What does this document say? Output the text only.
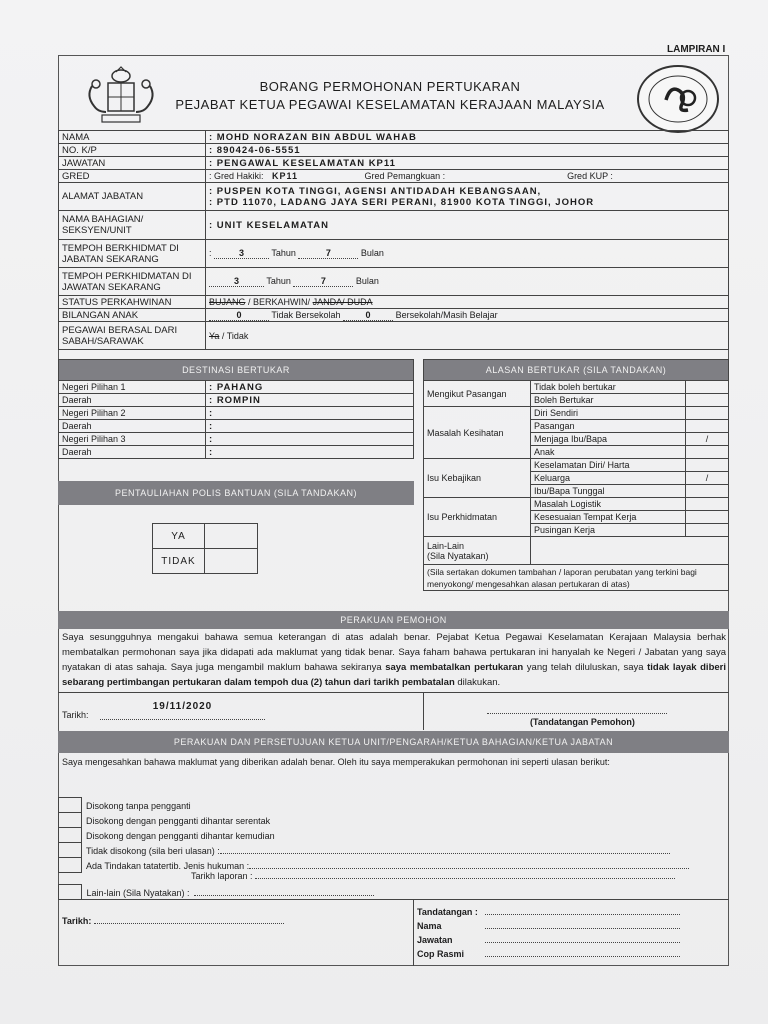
LAMPIRAN I
BORANG PERMOHONAN PERTUKARAN
PEJABAT KETUA PEGAWAI KESELAMATAN KERAJAAN MALAYSIA
NAMA	: MOHD NORAZAN BIN ABDUL WAHAB
NO. K/P	: 890424-06-5551
JAWATAN	: PENGAWAL KESELAMATAN KP11
GRED	: Gred Hakiki: KP11 Gred Pemangkuan : Gred KUP :
ALAMAT JABATAN	: PUSPEN KOTA TINGGI, AGENSI ANTIDADAH KEBANGSAAN,
: PTD 11070, LADANG JAYA SERI PERANI, 81900 KOTA TINGGI, JOHOR

NAMA BAHAGIAN/
SEKSYEN/UNIT	: UNIT KESELAMATAN

TEMPOH BERKHIDMAT DI
JABATAN SEKARANG	: 3 Tahun 7 Bulan

TEMPOH PERKHIDMATAN DI
JAWATAN SEKARANG	3 Tahun 7 Bulan
STATUS PERKAHWINAN	BUJANG / BERKAHWIN/ JANDA/ DUDA
BILANGAN ANAK	0 Tidak Bersekolah 0 Bersekolah/Masih Belajar

PEGAWAI BERASAL DARI
SABAH/SARAWAK	Ya / Tidak
DESTINASI BERTUKAR	
Negeri Pilihan 1	: PAHANG
Daerah	: ROMPIN
Negeri Pilihan 2	:
Daerah	:
Negeri Pilihan 3	:
Daerah	:
PENTAULIAHAN POLIS BANTUAN (SILA TANDAKAN)
YA	
TIDAK	
ALASAN BERTUKAR (SILA TANDAKAN)		
Mengikut Pasangan	Tidak boleh bertukar	
	Boleh Bertukar	
Masalah Kesihatan	Diri Sendiri	
	Pasangan	
	Menjaga Ibu/Bapa	/
	Anak	
Isu Kebajikan	Keselamatan Diri/ Harta	
	Keluarga	/
	Ibu/Bapa Tunggal	
Isu Perkhidmatan	Masalah Logistik	
	Kesesuaian Tempat Kerja	
	Pusingan Kerja	

Lain-Lain
(Sila Nyatakan)		

(Sila sertakan dokumen tambahan / laporan perubatan yang terkini bagi menyokong/ mengesahkan alasan pertukaran di atas)		
PERAKUAN PEMOHON
Saya sesungguhnya mengakui bahawa semua keterangan di atas adalah benar. Pejabat Ketua Pegawai Keselamatan Kerajaan Malaysia berhak membatalkan permohonan saya jika didapati ada maklumat yang tidak benar. Saya faham bahawa pertukaran ini hanyalah ke Negeri / Jabatan yang saya nyatakan di atas sahaja. Saya juga mengambil maklum bahawa sekiranya saya membatalkan pertukaran yang telah diluluskan, saya tidak layak diberi sebarang pertimbangan pertukaran dalam tempoh dua (2) tahun dari tarikh pembatalan dilakukan.
Tarikh:
19/11/2020
(Tandatangan Pemohon)
PERAKUAN DAN PERSETUJUAN KETUA UNIT/PENGARAH/KETUA BAHAGIAN/KETUA JABATAN
Saya mengesahkan bahawa maklumat yang diberikan adalah benar. Oleh itu saya memperakukan permohonan ini seperti ulasan berikut:
Disokong tanpa pengganti
Disokong dengan pengganti dihantar serentak
Disokong dengan pengganti dihantar kemudian
Tidak disokong (sila beri ulasan) :
Ada Tindakan tatatertib. Jenis hukuman :
Tarikh laporan :
Lain-lain (Sila Nyatakan) :
Tarikh:
Tandatangan :
Nama
Jawatan
Cop Rasmi
